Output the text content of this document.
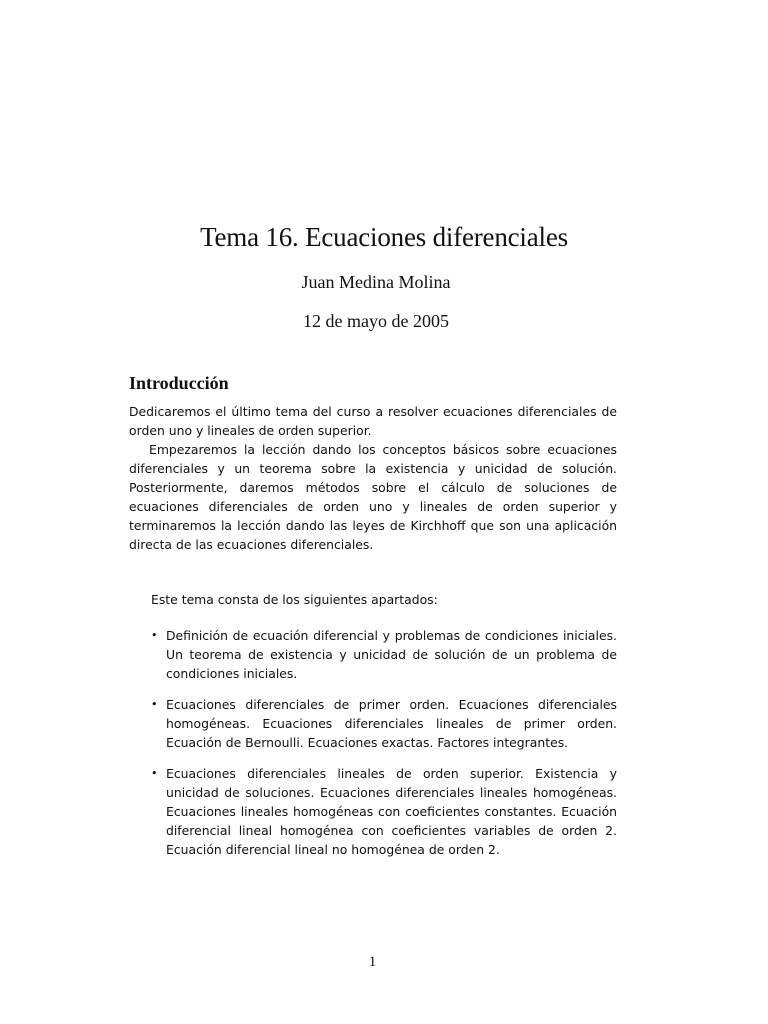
Tema 16. Ecuaciones diferenciales
Juan Medina Molina
12 de mayo de 2005
Introducción

Dedicaremos el último tema del curso a resolver ecuaciones diferenciales de orden uno y lineales de orden superior.

Empezaremos la lección dando los conceptos básicos sobre ecuaciones diferenciales y un teorema sobre la existencia y unicidad de solución. Posteriormente, daremos métodos sobre el cálculo de soluciones de ecuaciones diferenciales de orden uno y lineales de orden superior y terminaremos la lección dando las leyes de Kirchhoff que son una aplicación directa de las ecuaciones diferenciales.

Este tema consta de los siguientes apartados:

• Definición de ecuación diferencial y problemas de condiciones iniciales. Un teorema de existencia y unicidad de solución de un problema de condiciones iniciales.

• Ecuaciones diferenciales de primer orden. Ecuaciones diferenciales homogéneas. Ecuaciones diferenciales lineales de primer orden. Ecuación de Bernoulli. Ecuaciones exactas. Factores integrantes.

• Ecuaciones diferenciales lineales de orden superior. Existencia y unicidad de soluciones. Ecuaciones diferenciales lineales homogéneas. Ecuaciones lineales homogéneas con coeficientes constantes. Ecuación diferencial lineal homogénea con coeficientes variables de orden 2. Ecuación diferencial lineal no homogénea de orden 2.

1
